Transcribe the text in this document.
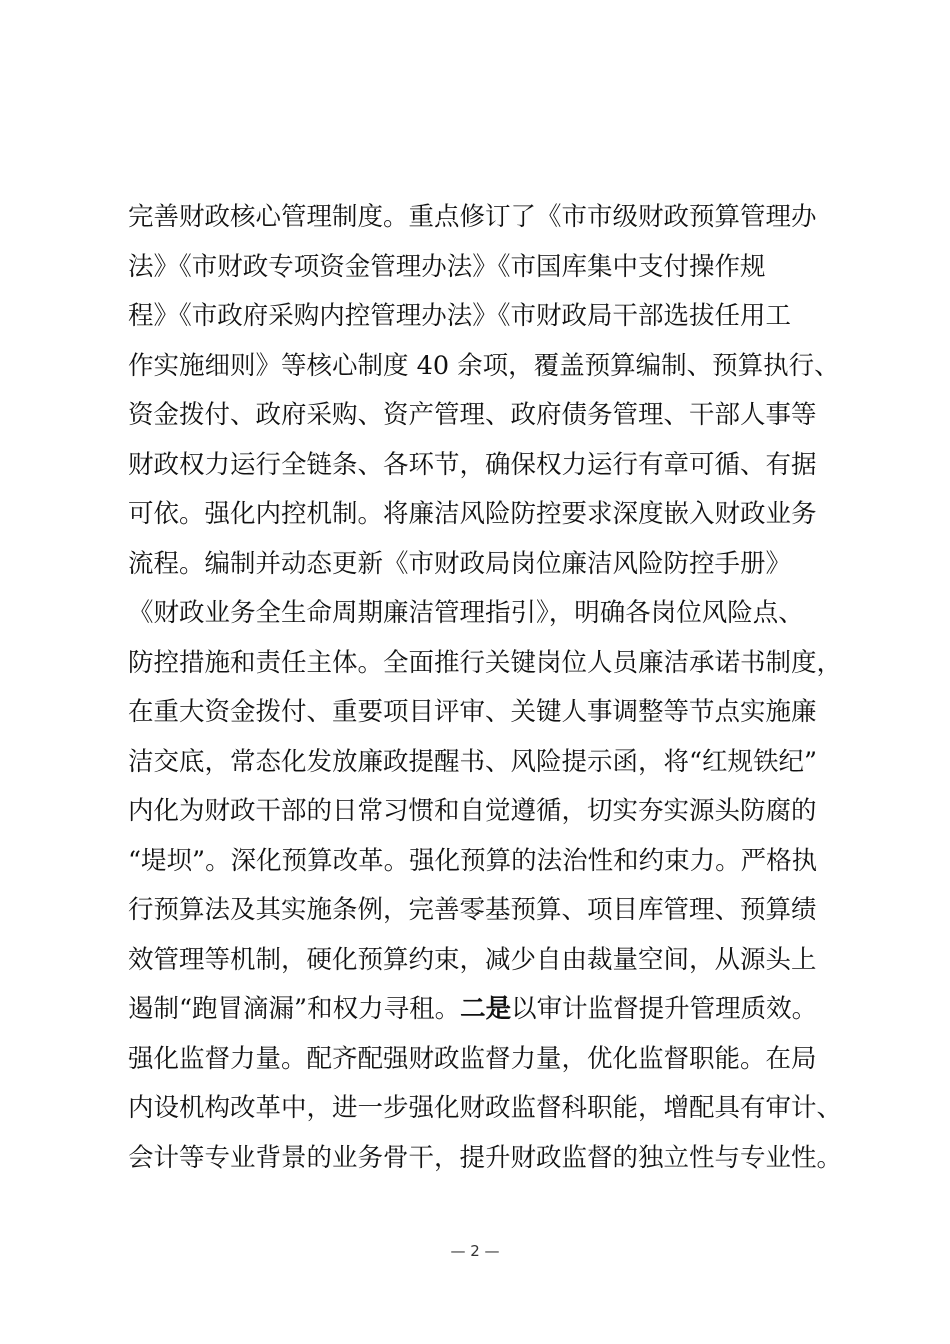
完善财政核心管理制度。重点修订了《市市级财政预算管理办
法》《市财政专项资金管理办法》《市国库集中支付操作规
程》《市政府采购内控管理办法》《市财政局干部选拔任用工
作实施细则》等核心制度 40 余项，覆盖预算编制、预算执行、
资金拨付、政府采购、资产管理、政府债务管理、干部人事等
财政权力运行全链条、各环节，确保权力运行有章可循、有据
可依。强化内控机制。将廉洁风险防控要求深度嵌入财政业务
流程。编制并动态更新《市财政局岗位廉洁风险防控手册》
《财政业务全生命周期廉洁管理指引》，明确各岗位风险点、
防控措施和责任主体。全面推行关键岗位人员廉洁承诺书制度，
在重大资金拨付、重要项目评审、关键人事调整等节点实施廉
洁交底，常态化发放廉政提醒书、风险提示函，将“红规铁纪”
内化为财政干部的日常习惯和自觉遵循，切实夯实源头防腐的
“堤坝”。深化预算改革。强化预算的法治性和约束力。严格执
行预算法及其实施条例，完善零基预算、项目库管理、预算绩
效管理等机制，硬化预算约束，减少自由裁量空间，从源头上
遏制“跑冒滴漏”和权力寻租。二是以审计监督提升管理质效。
强化监督力量。配齐配强财政监督力量，优化监督职能。在局
内设机构改革中，进一步强化财政监督科职能，增配具有审计、
会计等专业背景的业务骨干，提升财政监督的独立性与专业性。
— 2 —
